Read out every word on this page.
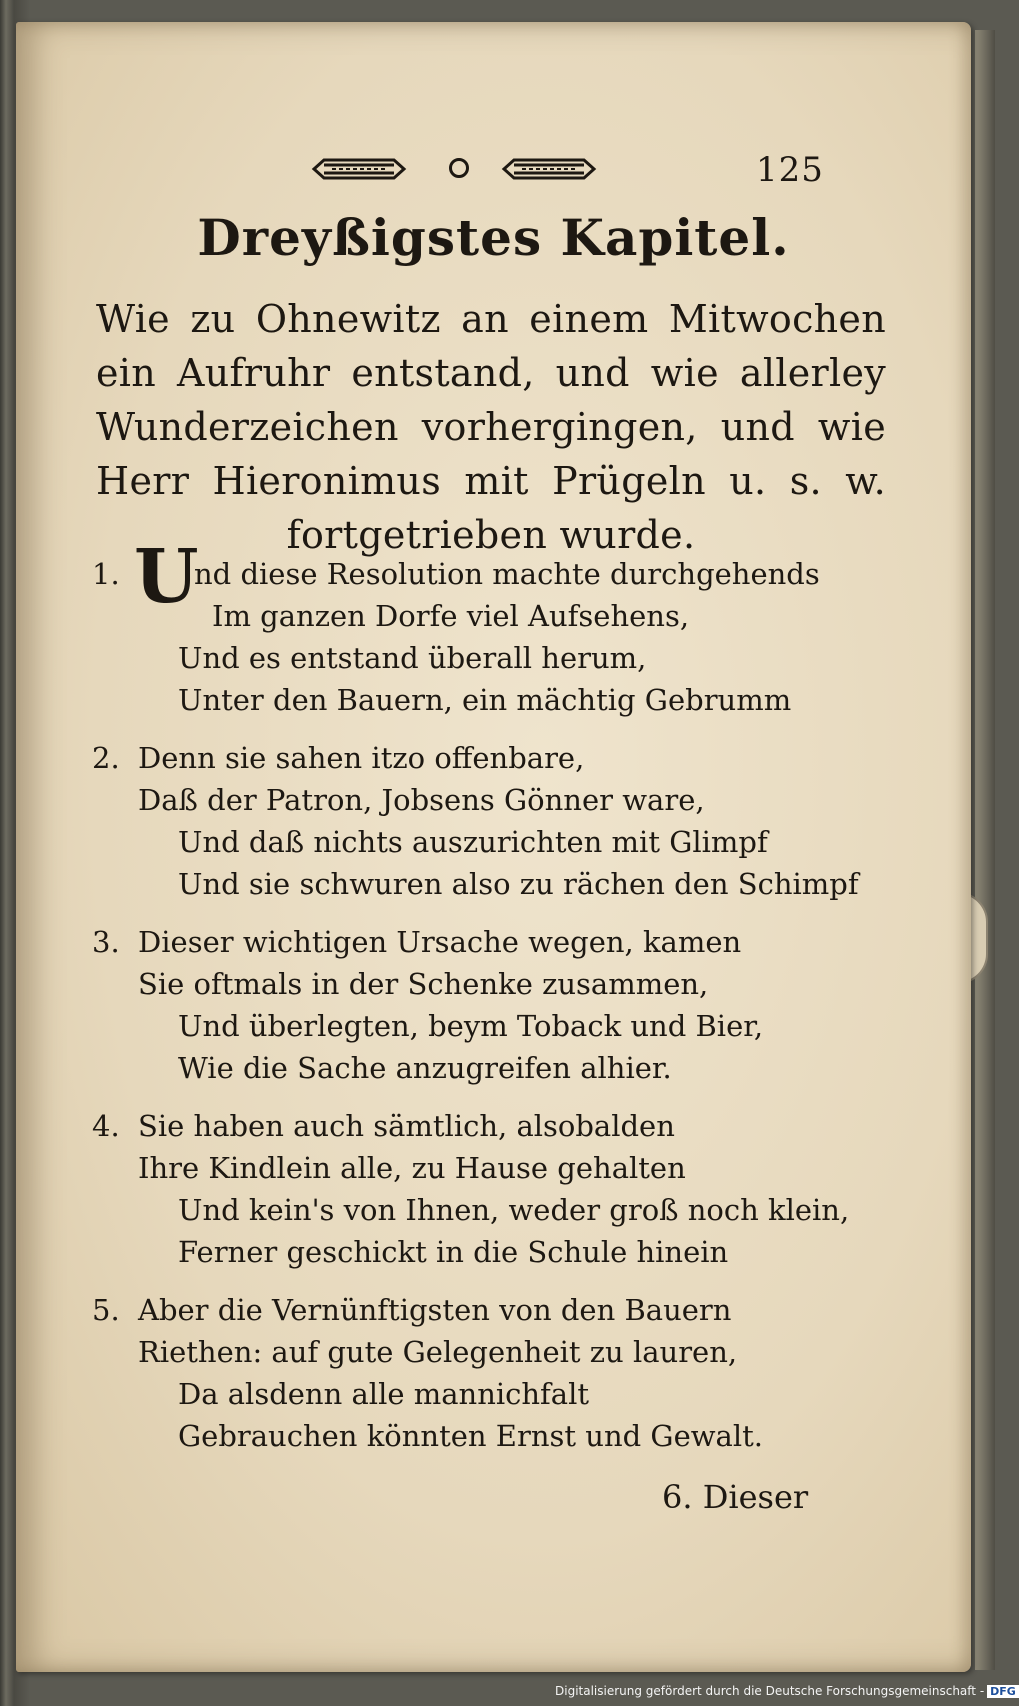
125
Dreyßigstes Kapitel.
Wie zu Ohnewitz an einem Mitwochen ein Aufruhr entstand, und wie allerley Wunderzeichen vorhergingen, und wie Herr Hieronimus mit Prügeln u. s. w. fortgetrieben wurde.
1. U
nd diese Resolution machte durchgehends
Im ganzen Dorfe viel Aufsehens,
Und es entstand überall herum,
Unter den Bauern, ein mächtig Gebrumm
2. Denn sie sahen itzo offenbare,
Daß der Patron, Jobsens Gönner ware,
Und daß nichts auszurichten mit Glimpf
Und sie schwuren also zu rächen den Schimpf
3. Dieser wichtigen Ursache wegen, kamen
Sie oftmals in der Schenke zusammen,
Und überlegten, beym Toback und Bier,
Wie die Sache anzugreifen alhier.
4. Sie haben auch sämtlich, alsobalden
Ihre Kindlein alle, zu Hause gehalten
Und kein's von Ihnen, weder groß noch klein,
Ferner geschickt in die Schule hinein
5. Aber die Vernünftigsten von den Bauern
Riethen: auf gute Gelegenheit zu lauren,
Da alsdenn alle mannichfalt
Gebrauchen könnten Ernst und Gewalt.
6. Dieser
Digitalisierung gefördert durch die Deutsche Forschungsgemeinschaft - DFG
